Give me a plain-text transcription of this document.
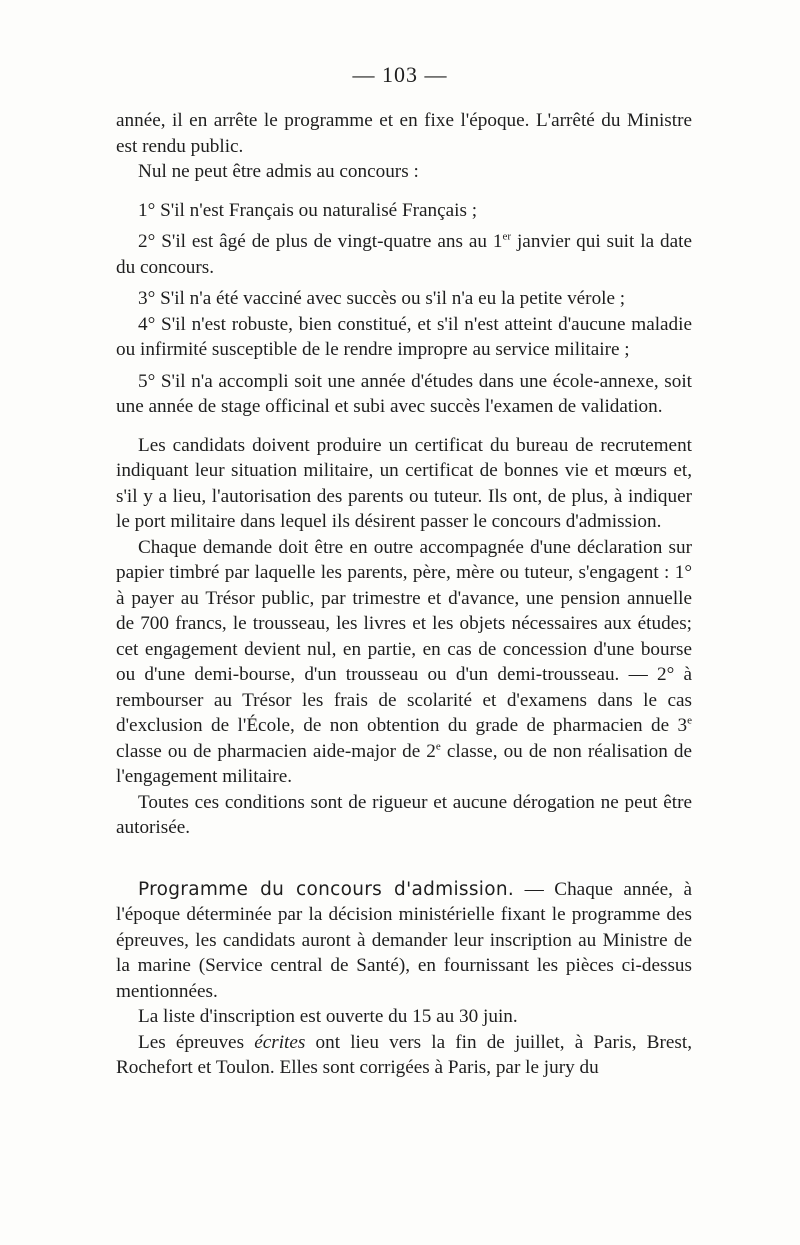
— 103 —

année, il en arrête le programme et en fixe l'époque. L'arrêté du Ministre est rendu public.

Nul ne peut être admis au concours :

1° S'il n'est Français ou naturalisé Français ;

2° S'il est âgé de plus de vingt-quatre ans au 1er janvier qui suit la date du concours.

3° S'il n'a été vacciné avec succès ou s'il n'a eu la petite vérole ;

4° S'il n'est robuste, bien constitué, et s'il n'est atteint d'aucune maladie ou infirmité susceptible de le rendre impropre au service militaire ;

5° S'il n'a accompli soit une année d'études dans une école-annexe, soit une année de stage officinal et subi avec succès l'examen de validation.

Les candidats doivent produire un certificat du bureau de recrutement indiquant leur situation militaire, un certificat de bonnes vie et mœurs et, s'il y a lieu, l'autorisation des parents ou tuteur. Ils ont, de plus, à indiquer le port militaire dans lequel ils désirent passer le concours d'admission.

Chaque demande doit être en outre accompagnée d'une déclaration sur papier timbré par laquelle les parents, père, mère ou tuteur, s'engagent : 1° à payer au Trésor public, par trimestre et d'avance, une pension annuelle de 700 francs, le trousseau, les livres et les objets nécessaires aux études; cet engagement devient nul, en partie, en cas de concession d'une bourse ou d'une demi-bourse, d'un trousseau ou d'un demi-trousseau. — 2° à rembourser au Trésor les frais de scolarité et d'examens dans le cas d'exclusion de l'École, de non obtention du grade de pharmacien de 3e classe ou de pharmacien aide-major de 2e classe, ou de non réalisation de l'engagement militaire.

Toutes ces conditions sont de rigueur et aucune dérogation ne peut être autorisée.

Programme du concours d'admission. — Chaque année, à l'époque déterminée par la décision ministérielle fixant le programme des épreuves, les candidats auront à demander leur inscription au Ministre de la marine (Service central de Santé), en fournissant les pièces ci-dessus mentionnées.

La liste d'inscription est ouverte du 15 au 30 juin.

Les épreuves écrites ont lieu vers la fin de juillet, à Paris, Brest, Rochefort et Toulon. Elles sont corrigées à Paris, par le jury du
